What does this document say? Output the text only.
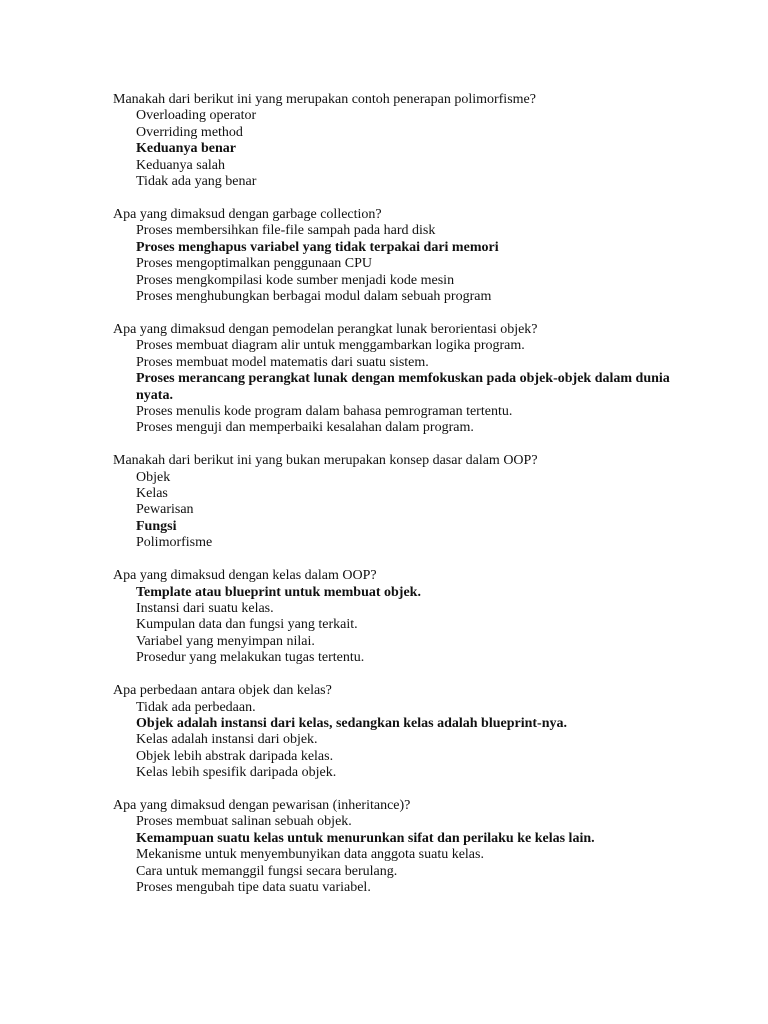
Manakah dari berikut ini yang merupakan contoh penerapan polimorfisme?

Overloading operator
Overriding method
Keduanya benar
Keduanya salah
Tidak ada yang benar

Apa yang dimaksud dengan garbage collection?

Proses membersihkan file-file sampah pada hard disk
Proses menghapus variabel yang tidak terpakai dari memori
Proses mengoptimalkan penggunaan CPU
Proses mengkompilasi kode sumber menjadi kode mesin
Proses menghubungkan berbagai modul dalam sebuah program

Apa yang dimaksud dengan pemodelan perangkat lunak berorientasi objek?

Proses membuat diagram alir untuk menggambarkan logika program.
Proses membuat model matematis dari suatu sistem.
Proses merancang perangkat lunak dengan memfokuskan pada objek-objek dalam dunia nyata.
Proses menulis kode program dalam bahasa pemrograman tertentu.
Proses menguji dan memperbaiki kesalahan dalam program.

Manakah dari berikut ini yang bukan merupakan konsep dasar dalam OOP?

Objek
Kelas
Pewarisan
Fungsi
Polimorfisme

Apa yang dimaksud dengan kelas dalam OOP?

Template atau blueprint untuk membuat objek.
Instansi dari suatu kelas.
Kumpulan data dan fungsi yang terkait.
Variabel yang menyimpan nilai.
Prosedur yang melakukan tugas tertentu.

Apa perbedaan antara objek dan kelas?

Tidak ada perbedaan.
Objek adalah instansi dari kelas, sedangkan kelas adalah blueprint-nya.
Kelas adalah instansi dari objek.
Objek lebih abstrak daripada kelas.
Kelas lebih spesifik daripada objek.

Apa yang dimaksud dengan pewarisan (inheritance)?

Proses membuat salinan sebuah objek.
Kemampuan suatu kelas untuk menurunkan sifat dan perilaku ke kelas lain.
Mekanisme untuk menyembunyikan data anggota suatu kelas.
Cara untuk memanggil fungsi secara berulang.
Proses mengubah tipe data suatu variabel.
